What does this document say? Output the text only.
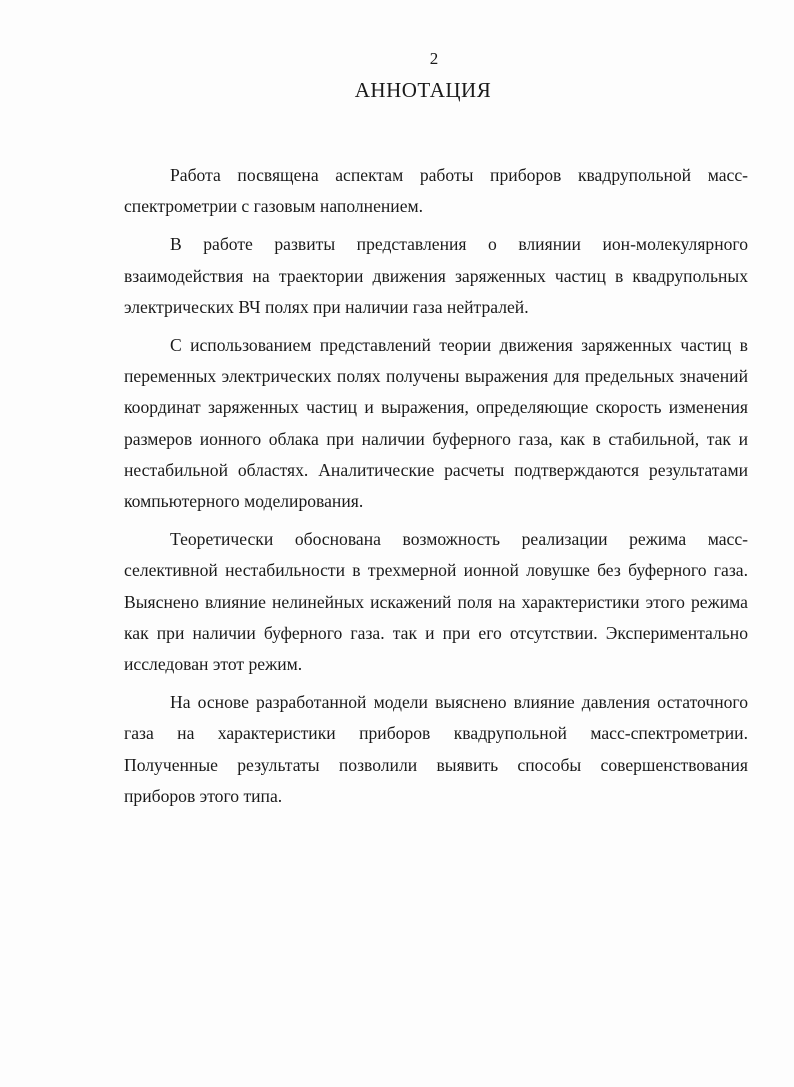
2
АННОТАЦИЯ

Работа посвящена аспектам работы приборов квадрупольной масс-спектрометрии с газовым наполнением.

В работе развиты представления о влиянии ион-молекулярного взаимодействия на траектории движения заряженных частиц в квадрупольных электрических ВЧ полях при наличии газа нейтралей.

С использованием представлений теории движения заряженных частиц в переменных электрических полях получены выражения для предельных значений координат заряженных частиц и выражения, определяющие скорость изменения размеров ионного облака при наличии буферного газа, как в стабильной, так и нестабильной областях. Аналитические расчеты подтверждаются результатами компьютерного моделирования.

Теоретически обоснована возможность реализации режима масс-селективной нестабильности в трехмерной ионной ловушке без буферного газа. Выяснено влияние нелинейных искажений поля на характеристики этого режима как при наличии буферного газа. так и при его отсутствии. Экспериментально исследован этот режим.

На основе разработанной модели выяснено влияние давления остаточного газа на характеристики приборов квадрупольной масс-спектрометрии. Полученные результаты позволили выявить способы совершенствования приборов этого типа.
